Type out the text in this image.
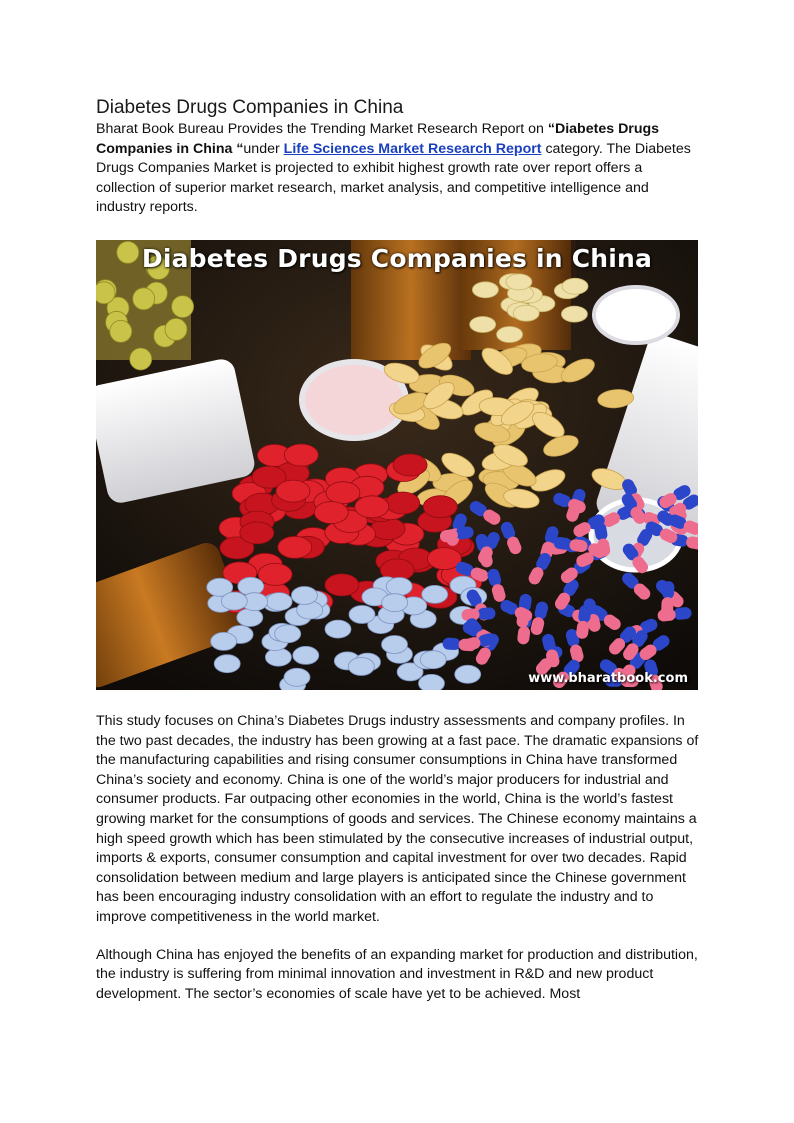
Diabetes Drugs Companies in China

Bharat Book Bureau Provides the Trending Market Research Report on “Diabetes Drugs Companies in China “under Life Sciences Market Research Report category. The Diabetes Drugs Companies Market is projected to exhibit highest growth rate over report offers a collection of superior market research, market analysis, and competitive intelligence and industry reports.

Diabetes Drugs Companies in China
www.bharatbook.com

This study focuses on China’s Diabetes Drugs industry assessments and company profiles. In the two past decades, the industry has been growing at a fast pace. The dramatic expansions of the manufacturing capabilities and rising consumer consumptions in China have transformed China’s society and economy. China is one of the world’s major producers for industrial and consumer products. Far outpacing other economies in the world, China is the world’s fastest growing market for the consumptions of goods and services. The Chinese economy maintains a high speed growth which has been stimulated by the consecutive increases of industrial output, imports & exports, consumer consumption and capital investment for over two decades. Rapid consolidation between medium and large players is anticipated since the Chinese government has been encouraging industry consolidation with an effort to regulate the industry and to improve competitiveness in the world market.

Although China has enjoyed the benefits of an expanding market for production and distribution, the industry is suffering from minimal innovation and investment in R&D and new product development. The sector’s economies of scale have yet to be achieved. Most
